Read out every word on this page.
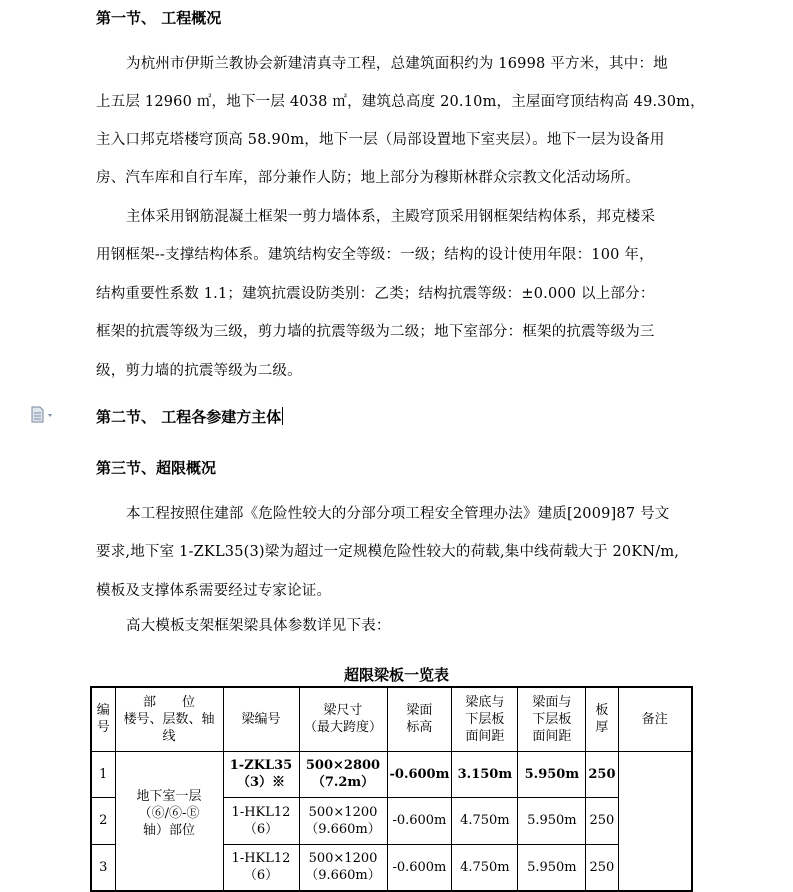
第一节、 工程概况
为杭州市伊斯兰教协会新建清真寺工程，总建筑面积约为 16998 平方米，其中：地
上五层 12960 ㎡，地下一层 4038 ㎡，建筑总高度 20.10m，主屋面穹顶结构高 49.30m，
主入口邦克塔楼穹顶高 58.90m，地下一层（局部设置地下室夹层）。地下一层为设备用
房、汽车库和自行车库，部分兼作人防；地上部分为穆斯林群众宗教文化活动场所。
主体采用钢筋混凝土框架一剪力墙体系，主殿穹顶采用钢框架结构体系，邦克楼采
用钢框架--支撑结构体系。建筑结构安全等级：一级；结构的设计使用年限：100 年，
结构重要性系数 1.1；建筑抗震设防类别：乙类；结构抗震等级：±0.000 以上部分：
框架的抗震等级为三级，剪力墙的抗震等级为二级；地下室部分：框架的抗震等级为三
级，剪力墙的抗震等级为二级。
第二节、 工程各参建方主体
第三节、超限概况
本工程按照住建部《危险性较大的分部分项工程安全管理办法》建质[2009]87 号文
要求,地下室 1-ZKL35(3)梁为超过一定规模危险性较大的荷载,集中线荷载大于 20KN/m,
模板及支撑体系需要经过专家论证。
高大模板支架框架梁具体参数详见下表：
超限梁板一览表
编
号	部　　位
楼号、层数、轴
线	梁编号	梁尺寸
（最大跨度）	梁面
标高	梁底与
下层板
面间距	梁面与
下层板
面间距	板
厚	备注
1	地下室一层
（⑥/⑥-Ⓔ
轴）部位	1-ZKL35
（3）※	500×2800
（7.2m）	-0.600m	3.150m	5.950m	250	
2		1-HKL12
（6）	500×1200
（9.660m）	-0.600m	4.750m	5.950m	250	
3		1-HKL12
（6）	500×1200
（9.660m）	-0.600m	4.750m	5.950m	250	
